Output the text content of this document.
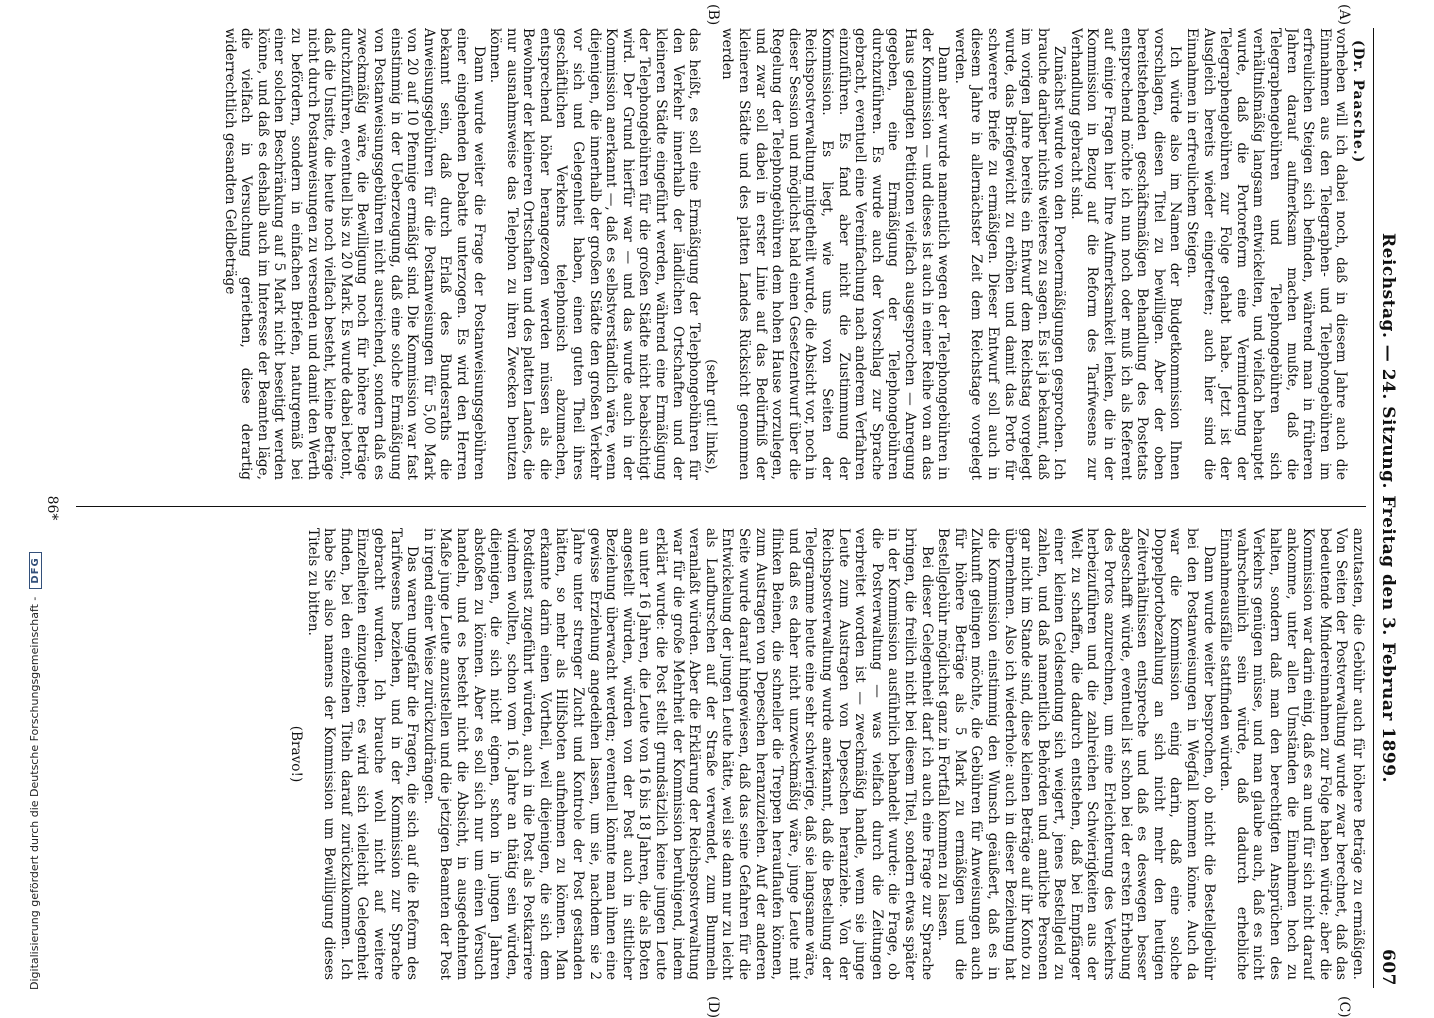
Reichstag. — 24. Sitzung. Freitag den 3. Februar 1899.
607
(A)
(B)
(C)
(D)
(Dr. Paasche.)

vorheben will ich dabei noch, daß in diesem Jahre auch die Einnahmen aus den Telegraphen- und Telephongebühren im erfreulichen Steigen sich befinden, während man in früheren Jahren darauf aufmerksam machen mußte, daß die Telegraphengebühren und Telephongebühren sich verhältnißmäßig langsam entwickelten, und vielfach behauptet wurde, daß die Portoreform eine Verminderung der Telegraphengebühren zur Folge gehabt habe. Jetzt ist der Ausgleich bereits wieder eingetreten; auch hier sind die Einnahmen in erfreulichem Steigen.

Ich würde also im Namen der Budgetkommission Ihnen vorschlagen, diesen Titel zu bewilligen. Aber der oben bereitstehenden geschäftsmäßigen Behandlung des Postetats entsprechend möchte ich nun noch oder muß ich als Referent auf einige Fragen hier Ihre Aufmerksamkeit lenken, die in der Kommission in Bezug auf die Reform des Tarifwesens zur Verhandlung gebracht sind.

Zunächst wurde von den Portoermäßigungen gesprochen. Ich brauche darüber nichts weiteres zu sagen. Es ist ja bekannt, daß im vorigen Jahre bereits ein Entwurf dem Reichstag vorgelegt wurde, das Briefgewicht zu erhöhen und damit das Porto für schwerere Briefe zu ermäßigen. Dieser Entwurf soll auch in diesem Jahre in allernächster Zeit dem Reichstage vorgelegt werden.

Dann aber wurde namentlich wegen der Telephongebühren in der Kommission — und dieses ist auch in einer Reihe von an das Haus gelangten Petitionen vielfach ausgesprochen — Anregung gegeben, eine Ermäßigung der Telephongebühren durchzuführen. Es wurde auch der Vorschlag zur Sprache gebracht, eventuell eine Vereinfachung nach anderem Verfahren einzuführen. Es fand aber nicht die Zustimmung der Kommission. Es liegt, wie uns von Seiten der Reichspostverwaltung mitgetheilt wurde, die Absicht vor, noch in dieser Session und möglichst bald einen Gesetzentwurf über die Regelung der Telephongebühren dem hohen Hause vorzulegen, und zwar soll dabei in erster Linie auf das Bedürfniß der kleineren Städte und des platten Landes Rücksicht genommen werden

(sehr gut! links),

das heißt, es soll eine Ermäßigung der Telephongebühren für den Verkehr innerhalb der ländlichen Ortschaften und der kleineren Städte eingeführt werden, während eine Ermäßigung der Telephongebühren für die großen Städte nicht beabsichtigt wird. Der Grund hierfür war — und das wurde auch in der Kommission anerkannt —, daß es selbstverständlich wäre, wenn diejenigen, die innerhalb der großen Städte den großen Verkehr vor sich und Gelegenheit haben, einen guten Theil ihres geschäftlichen Verkehrs telephonisch abzumachen, entsprechend höher herangezogen werden müssen als die Bewohner der kleineren Ortschaften und des platten Landes, die nur ausnahmsweise das Telephon zu ihren Zwecken benutzen können.

Dann wurde weiter die Frage der Postanweisungsgebühren einer eingehenden Debatte unterzogen. Es wird den Herren bekannt sein, daß durch Erlaß des Bundesraths die Anweisungsgebühren für die Postanweisungen für 5,00 Mark von 20 auf 10 Pfennige ermäßigt sind. Die Kommission war fast einstimmig in der Ueberzeugung, daß eine solche Ermäßigung von Postanweisungsgebühren nicht ausreichend, sondern daß es zweckmäßig wäre, die Bewilligung noch für höhere Beträge durchzuführen, eventuell bis zu 20 Mark. Es wurde dabei betont, daß die Unsitte, die heute noch vielfach besteht, kleine Beträge nicht durch Postanweisungen zu versenden und damit den Werth zu befördern, sondern in einfachen Briefen, naturgemäß bei einer solchen Beschränkung auf 5 Mark nicht beseitigt werden könne, und daß es deshalb auch im Interesse der Beamten läge, die vielfach in Versuchung geriethen, diese derartig widerrechtlich gesandten Geldbeträge

anzutasten, die Gebühr auch für höhere Beträge zu ermäßigen. Von Seiten der Postverwaltung wurde zwar berechnet, daß das bedeutende Mindereinnahmen zur Folge haben würde; aber die Kommission war darin einig, daß es an und für sich nicht darauf ankomme, unter allen Umständen die Einnahmen hoch zu halten, sondern daß man den berechtigten Ansprüchen des Verkehrs genügen müsse, und man glaube auch, daß es nicht wahrscheinlich sein würde, daß dadurch erhebliche Einnahmeausfälle stattfinden würden.

Dann wurde weiter besprochen, ob nicht die Bestellgebühr bei den Postanweisungen in Wegfall kommen könne. Auch da war die Kommission einig darin, daß eine solche Doppelportobezahlung an sich nicht mehr den heutigen Zeitverhältnissen entspreche und daß es deswegen besser abgeschafft würde, eventuell ist schon bei der ersten Erhebung des Portos anzurechnen, um eine Erleichterung des Verkehrs herbeizuführen und die zahlreichen Schwierigkeiten aus der Welt zu schaffen, die dadurch entstehen, daß bei Empfänger einer kleinen Geldsendung sich weigert, jenes Bestellgeld zu zahlen, und daß namentlich Behörden und amtliche Personen gar nicht im Stande sind, diese kleinen Beträge auf ihr Konto zu übernehmen. Also ich wiederhole: auch in dieser Beziehung hat die Kommission einstimmig den Wunsch geäußert, daß es in Zukunft gelingen möchte, die Gebühren für Anweisungen auch für höhere Beträge als 5 Mark zu ermäßigen und die Bestellgebühr möglichst ganz in Fortfall kommen zu lassen.

Bei dieser Gelegenheit darf ich auch eine Frage zur Sprache bringen, die freilich nicht bei diesem Titel, sondern etwas später in der Kommission ausführlich behandelt wurde: die Frage, ob die Postverwaltung — was vielfach durch die Zeitungen verbreitet worden ist — zweckmäßig handle, wenn sie junge Leute zum Austragen von Depeschen heranziehe. Von der Reichspostverwaltung wurde anerkannt, daß die Bestellung der Telegramme heute eine sehr schwierige, daß sie langsame wäre, und daß es daher nicht unzweckmäßig wäre, junge Leute mit flinken Beinen, die schneller die Treppen herauflaufen können, zum Austragen von Depeschen heranzuziehen. Auf der anderen Seite wurde darauf hingewiesen, daß das seine Gefahren für die Entwickelung der jungen Leute hätte, weil sie dann nur zu leicht als Laufburschen auf der Straße verwendet, zum Bummeln veranlaßt würden. Aber die Erklärung der Reichspostverwaltung war für die große Mehrheit der Kommission beruhigend, indem erklärt wurde: die Post stellt grundsätzlich keine jungen Leute an unter 16 Jahren, die Leute von 16 bis 18 Jahren, die als Boten angestellt würden, würden von der Post auch in sittlicher Beziehung überwacht werden; eventuell könnte man ihnen eine gewisse Erziehung angedeihen lassen, um sie, nachdem sie 2 Jahre unter strenger Zucht und Kontrole der Post gestanden hätten, so mehr als Hilfsboten aufnehmen zu können. Man erkannte darin einen Vortheil, weil diejenigen, die sich dem Postdienst zugeführt würden, auch in die Post als Postkarriere widmen wollten, schon vom 16. Jahre an thätig sein würden, diejenigen, die sich nicht eignen, schon in jungen Jahren abstoßen zu können. Aber es soll sich nur um einen Versuch handeln, und es besteht nicht die Absicht, in ausgedehntem Maße junge Leute anzustellen und die jetzigen Beamten der Post in irgend einer Weise zurückzudrängen.

Das waren ungefähr die Fragen, die sich auf die Reform des Tarifwesens beziehen, und in der Kommission zur Sprache gebracht wurden. Ich brauche wohl nicht auf weitere Einzelheiten einzugehen; es wird sich vielleicht Gelegenheit finden, bei den einzelnen Titeln darauf zurückzukommen. Ich habe Sie also namens der Kommission um Bewilligung dieses Titels zu bitten.

(Bravo!)
86*
Digitalisierung gefördert durch die Deutsche Forschungsgemeinschaft -DFG
